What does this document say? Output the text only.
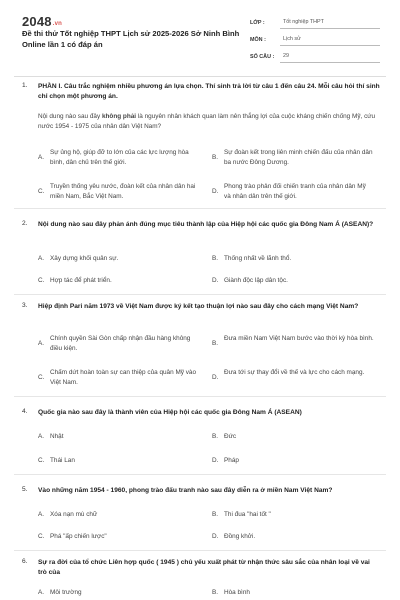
2048.vn
Đề thi thử Tốt nghiệp THPT Lịch sử 2025-2026 Sở Ninh Bình Online lần 1 có đáp án
LỚP :	Tốt nghiệp THPT
MÔN :	Lịch sử
SỐ CÂU :	29
1. PHẦN I. Câu trắc nghiệm nhiều phương án lựa chọn. Thí sinh trả lời từ câu 1 đến câu 24. Mỗi câu hỏi thí sinh chỉ chọn một phương án.
Nội dung nào sau đây không phải là nguyên nhân khách quan làm nên thắng lợi của cuộc kháng chiến chống Mỹ, cứu nước 1954 - 1975 của nhân dân Việt Nam?
A.
Sự ủng hộ, giúp đỡ to lớn của các lực lượng hòa bình, dân chủ trên thế giới.
B.
Sự đoàn kết trong liên minh chiến đấu của nhân dân ba nước Đông Dương.
C.
Truyền thống yêu nước, đoàn kết của nhân dân hai miền Nam, Bắc Việt Nam.
D.
Phong trào phản đối chiến tranh của nhân dân Mỹ và nhân dân trên thế giới.
2. Nội dung nào sau đây phản ánh đúng mục tiêu thành lập của Hiệp hội các quốc gia Đông Nam Á (ASEAN)?
A. Xây dựng khối quân sự.	B. Thống nhất về lãnh thổ.
C. Hợp tác để phát triển.	D. Giành độc lập dân tộc.
3. Hiệp định Pari năm 1973 về Việt Nam được ký kết tạo thuận lợi nào sau đây cho cách mạng Việt Nam?
A.
Chính quyền Sài Gòn chấp nhận đầu hàng không điều kiện.
B.
Đưa miền Nam Việt Nam bước vào thời kỳ hòa bình.
C.
Chấm dứt hoàn toàn sự can thiệp của quân Mỹ vào Việt Nam.
D.
Đưa tới sự thay đổi về thế và lực cho cách mạng.
4. Quốc gia nào sau đây là thành viên của Hiệp hội các quốc gia Đông Nam Á (ASEAN)
A. Nhật	B. Đức
C. Thái Lan	D. Pháp
5. Vào những năm 1954 - 1960, phong trào đấu tranh nào sau đây diễn ra ở miền Nam Việt Nam?
A. Xóa nạn mù chữ	B. Thi đua "hai tốt "
C. Phá "ấp chiến lược"	D. Đồng khởi.
6. Sự ra đời của tổ chức Liên hợp quốc ( 1945 ) chủ yếu xuất phát từ nhận thức sâu sắc của nhân loại về vai trò của
A. Môi trường	B. Hòa bình
